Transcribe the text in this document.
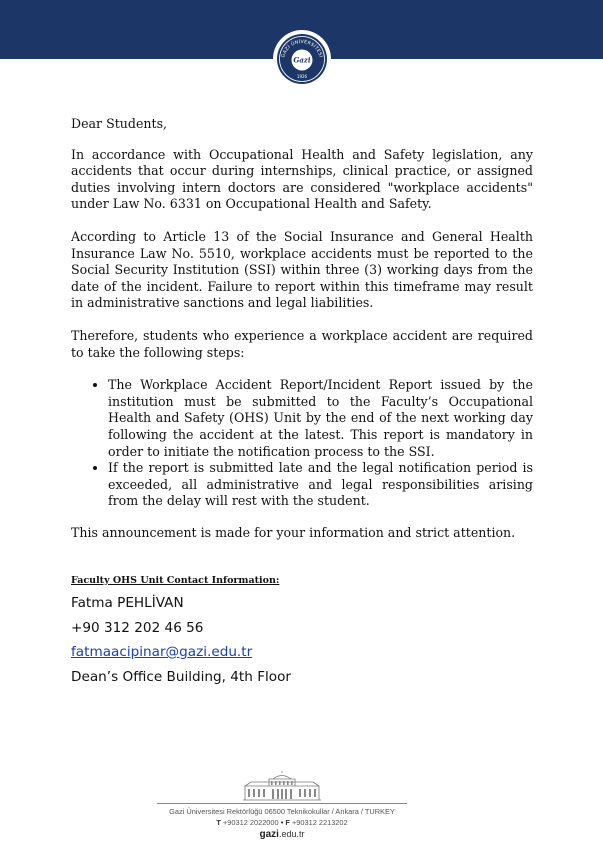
GAZİ ÜNİVERSİTESİ
Gazi
1926

Dear Students,

In accordance with Occupational Health and Safety legislation, any accidents that occur during internships, clinical practice, or assigned duties involving intern doctors are considered "workplace accidents" under Law No. 6331 on Occupational Health and Safety.

According to Article 13 of the Social Insurance and General Health Insurance Law No. 5510, workplace accidents must be reported to the Social Security Institution (SSI) within three (3) working days from the date of the incident. Failure to report within this timeframe may result in administrative sanctions and legal liabilities.

Therefore, students who experience a workplace accident are required to take the following steps:

• The Workplace Accident Report/Incident Report issued by the institution must be submitted to the Faculty’s Occupational Health and Safety (OHS) Unit by the end of the next working day following the accident at the latest. This report is mandatory in order to initiate the notification process to the SSI.
• If the report is submitted late and the legal notification period is exceeded, all administrative and legal responsibilities arising from the delay will rest with the student.

This announcement is made for your information and strict attention.

Faculty OHS Unit Contact Information:
Fatma PEHLİVAN
+90 312 202 46 56
fatmaacipinar@gazi.edu.tr
Dean’s Office Building, 4th Floor
Gazi Üniversitesi Rektörlüğü 06500 Teknikokullar / Ankara / TURKEY
T +90312 2022000 • F +90312 2213202
gazi.edu.tr
